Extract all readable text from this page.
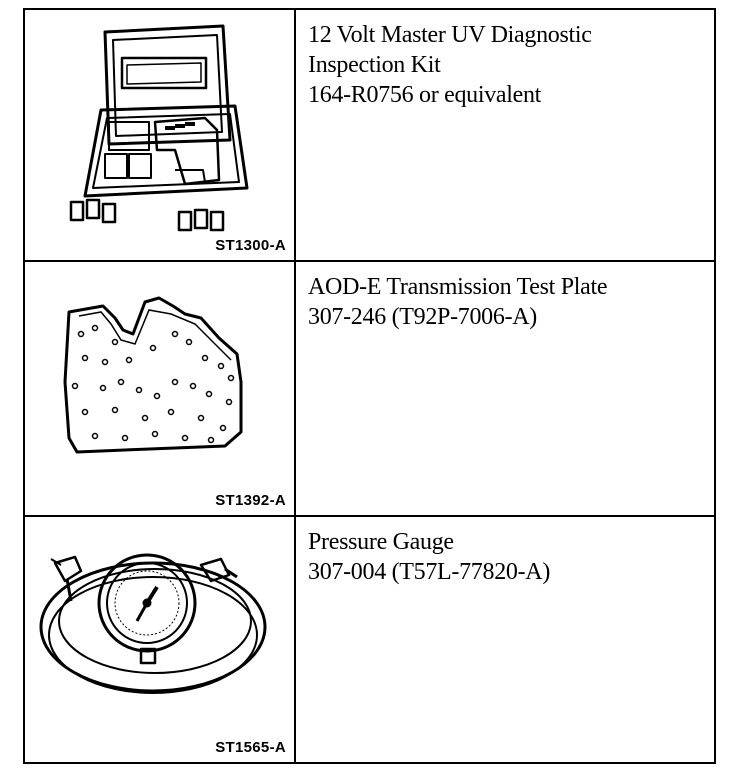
ST1300-A
12 Volt Master UV Diagnostic
Inspection Kit
164-R0756 or equivalent
ST1392-A
AOD-E Transmission Test Plate
307-246 (T92P-7006-A)
ST1565-A
Pressure Gauge
307-004 (T57L-77820-A)
